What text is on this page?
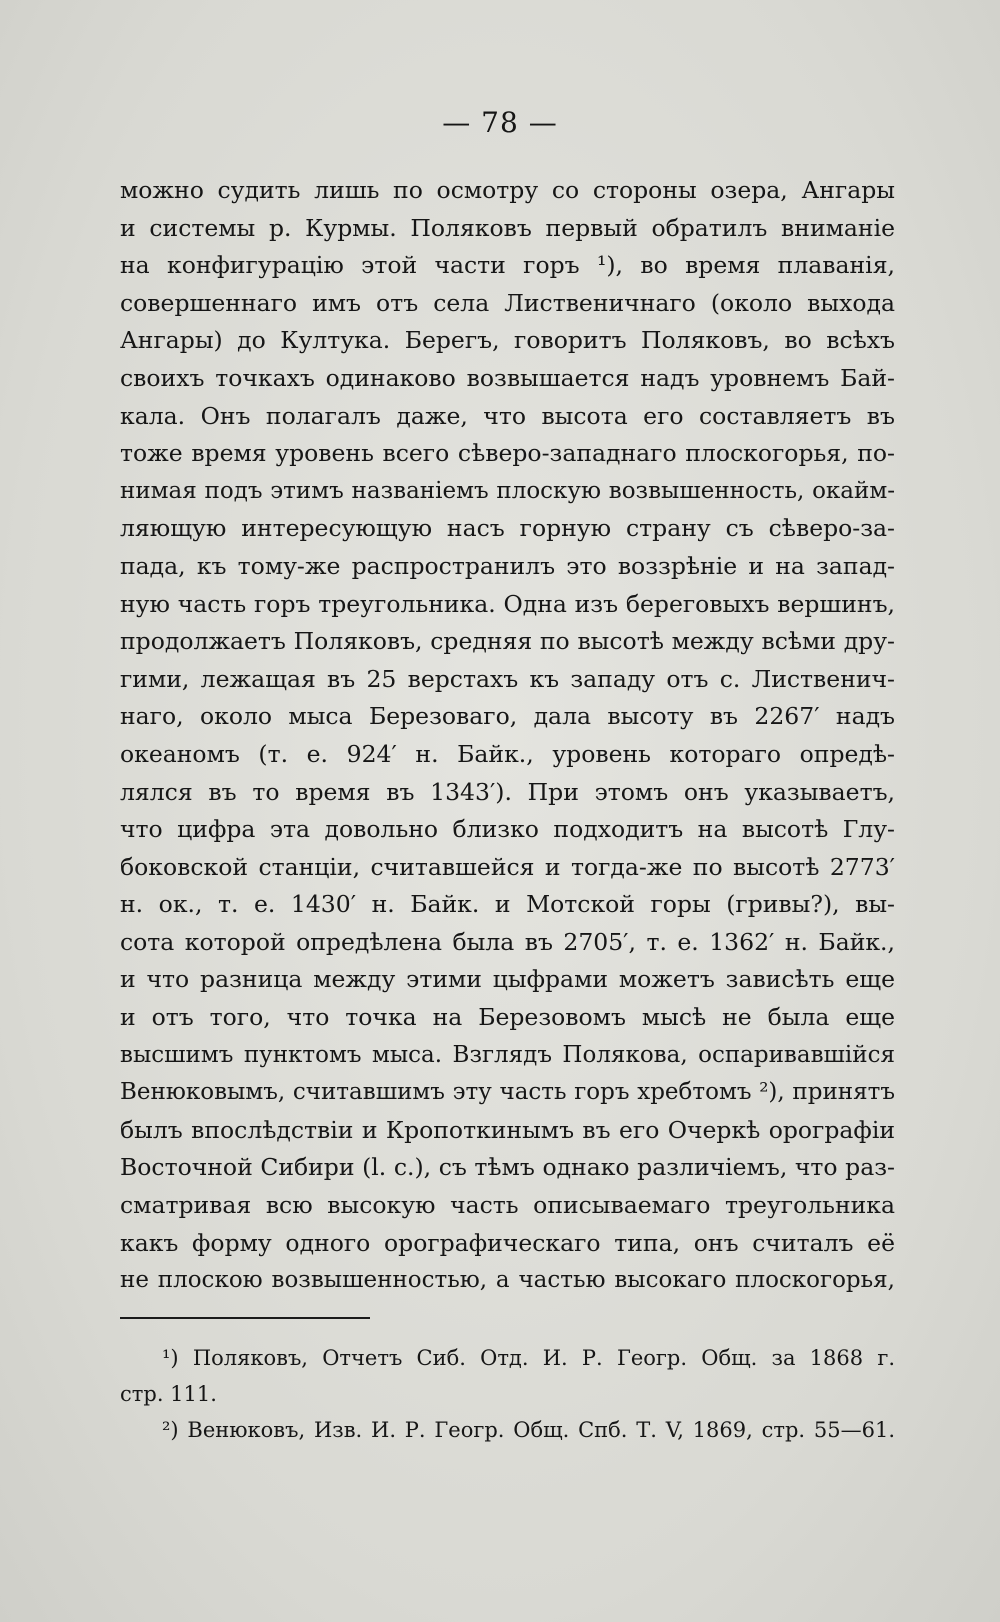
— 78 —
можно судить лишь по осмотру со стороны озера, Ангары
и системы р. Курмы. Поляковъ первый обратилъ вниманіе
на конфигурацію этой части горъ ¹), во время плаванія,
совершеннаго имъ отъ села Лиственичнаго (около выхода
Ангары) до Култука. Берегъ, говоритъ Поляковъ, во всѣхъ
своихъ точкахъ одинаково возвышается надъ уровнемъ Бай-
кала. Онъ полагалъ даже, что высота его составляетъ въ
тоже время уровень всего сѣверо-западнаго плоскогорья, по-
нимая подъ этимъ названіемъ плоскую возвышенность, окайм-
ляющую интересующую насъ горную страну съ сѣверо-за-
пада, къ тому-же распространилъ это воззрѣніе и на запад-
ную часть горъ треугольника. Одна изъ береговыхъ вершинъ,
продолжаетъ Поляковъ, средняя по высотѣ между всѣми дру-
гими, лежащая въ 25 верстахъ къ западу отъ с. Лиственич-
наго, около мыса Березоваго, дала высоту въ 2267′ надъ
океаномъ (т. е. 924′ н. Байк., уровень котораго опредѣ-
лялся въ то время въ 1343′). При этомъ онъ указываетъ,
что цифра эта довольно близко подходитъ на высотѣ Глу-
боковской станціи, считавшейся и тогда-же по высотѣ 2773′
н. ок., т. е. 1430′ н. Байк. и Мотской горы (гривы?), вы-
сота которой опредѣлена была въ 2705′, т. е. 1362′ н. Байк.,
и что разница между этими цыфрами можетъ зависѣть еще
и отъ того, что точка на Березовомъ мысѣ не была еще
высшимъ пунктомъ мыса. Взглядъ Полякова, оспаривавшійся
Венюковымъ, считавшимъ эту часть горъ хребтомъ ²), принятъ
былъ впослѣдствіи и Кропоткинымъ въ его Очеркѣ орографіи
Восточной Сибири (l. c.), съ тѣмъ однако различіемъ, что раз-
сматривая всю высокую часть описываемаго треугольника
какъ форму одного орографическаго типа, онъ считалъ её
не плоскою возвышенностью, а частью высокаго плоскогорья,
¹) Поляковъ, Отчетъ Сиб. Отд. И. Р. Геогр. Общ. за 1868 г.
стр. 111.
²) Венюковъ, Изв. И. Р. Геогр. Общ. Спб. Т. V, 1869, стр. 55—61.
